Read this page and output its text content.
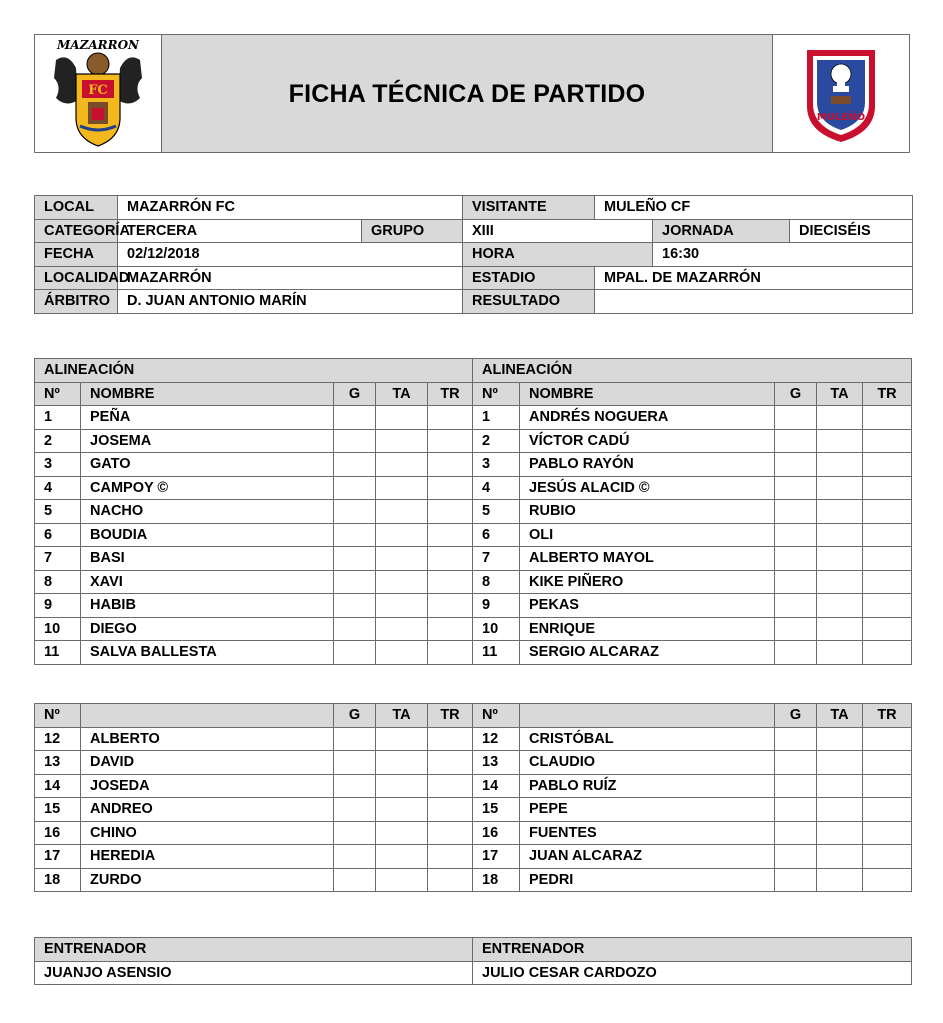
MAZARRON
FC	FICHA TÉCNICA DE PARTIDO	
MULEÑO
LOCAL	MAZARRÓN FC		VISITANTE	MULEÑO CF		
CATEGORÍA	TERCERA	GRUPO	XIII		JORNADA	DIECISÉIS
FECHA	02/12/2018		HORA		16:30	
LOCALIDAD	MAZARRÓN		ESTADIO	MPAL. DE MAZARRÓN		
ÁRBITRO	D. JUAN ANTONIO MARÍN		RESULTADO			
ALINEACIÓN					ALINEACIÓN				
Nº	NOMBRE	G	TA	TR	Nº	NOMBRE	G	TA	TR
1	PEÑA				1	ANDRÉS NOGUERA			
2	JOSEMA				2	VÍCTOR CADÚ			
3	GATO				3	PABLO RAYÓN			
4	CAMPOY ©				4	JESÚS ALACID ©			
5	NACHO				5	RUBIO			
6	BOUDIA				6	OLI			
7	BASI				7	ALBERTO MAYOL			
8	XAVI				8	KIKE PIÑERO			
9	HABIB				9	PEKAS			
10	DIEGO				10	ENRIQUE			
11	SALVA BALLESTA				11	SERGIO ALCARAZ			
Nº		G	TA	TR	Nº		G	TA	TR
12	ALBERTO				12	CRISTÓBAL			
13	DAVID				13	CLAUDIO			
14	JOSEDA				14	PABLO RUÍZ			
15	ANDREO				15	PEPE			
16	CHINO				16	FUENTES			
17	HEREDIA				17	JUAN ALCARAZ			
18	ZURDO				18	PEDRI			
ENTRENADOR	ENTRENADOR
JUANJO ASENSIO	JULIO CESAR CARDOZO
